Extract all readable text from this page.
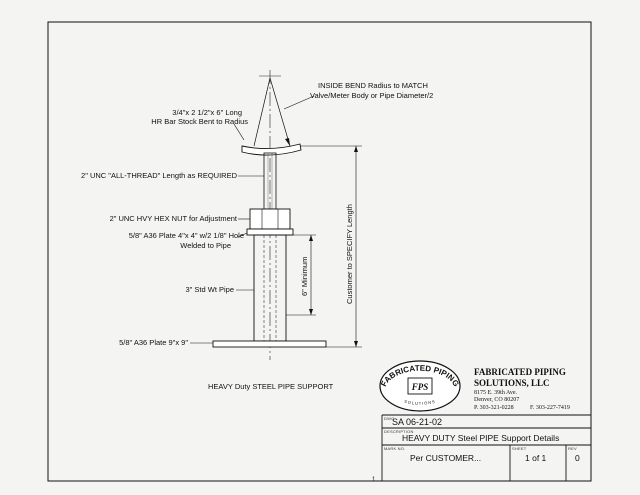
FABRICATED PIPING
SOLUTIONS
FPS
INSIDE BEND Radius to MATCH
Valve/Meter Body or Pipe Diameter/2
3/4"x 2 1/2"x 6" Long
HR Bar Stock Bent to Radius
2" UNC "ALL-THREAD" Length as REQUIRED
2" UNC HVY HEX NUT for Adjustment
5/8" A36 Plate 4"x 4" w/2 1/8" Hole
Welded to Pipe
3" Std Wt Pipe
5/8" A36 Plate 9"x 9"
Customer to SPECIFY Length
6" Minimum
HEAVY Duty STEEL PIPE SUPPORT
FABRICATED PIPING
SOLUTIONS, LLC
8175 E. 39th Ave.
Denver, CO 80207
P. 303-321-0228	F. 303-227-7419
DWG
SA 06-21-02
DESCRIPTION
HEAVY DUTY Steel PIPE Support Details
MARK NO.
Per CUSTOMER...
SHEET
1 of 1
REV
0
1
